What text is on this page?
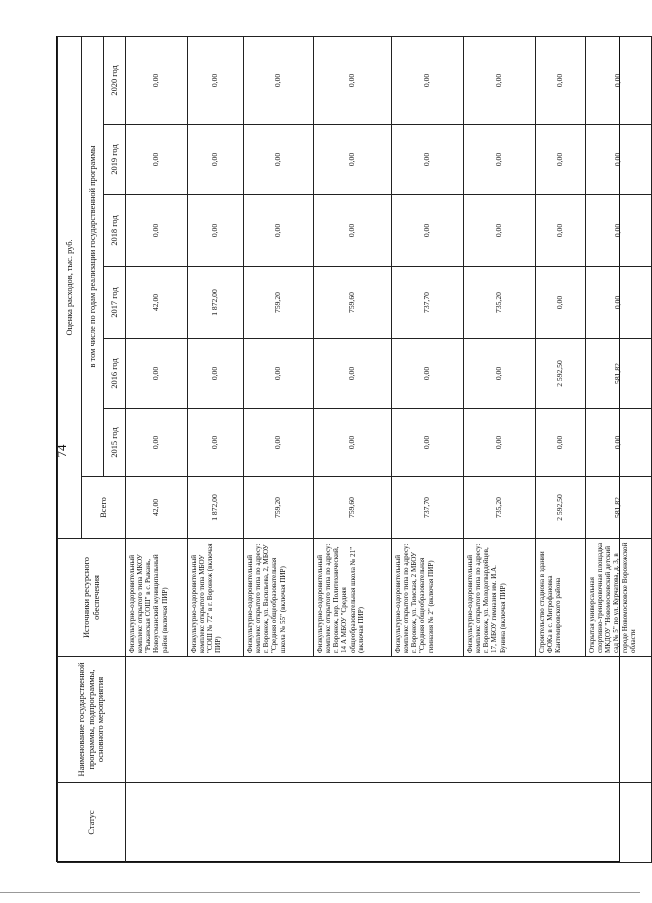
74
Статус	Наименование государственной программы, подпрограммы, основного мероприятия	Источники ресурсного обеспечения	Оценка расходов, тыс. руб.						
			Всего	в том числе по годам реализации государственной программы					
				2015 год	2016 год	2017 год	2018 год	2019 год	2020 год
		Физкультурно-оздоровительный комплекс открытого типа МКОУ "Рыканская СОШ" в с. Рыкань, Новоусманский муниципальный район (включая ПИР)	42,00	0,00	0,00	42,00	0,00	0,00	0,00
		Физкультурно-оздоровительный комплекс открытого типа МБОУ "СОШ № 72" в г. Воронеж (включая ПИР)	1 872,00	0,00	0,00	1 872,00	0,00	0,00	0,00
		Физкультурно-оздоровительный комплекс открытого типа по адресу: г. Воронеж, ул. Васильева, 2, МБОУ "Средняя общеобразовательная школа № 55" (включая ПИР)	759,20	0,00	0,00	759,20	0,00	0,00	0,00
		Физкультурно-оздоровительный комплекс открытого типа по адресу: г. Воронеж, пер. Политехнический, 14 А МБОУ "Средняя общеобразовательная школа № 21" (включая ПИР)	759,60	0,00	0,00	759,60	0,00	0,00	0,00
		Физкультурно-оздоровительный комплекс открытого типа по адресу: г. Воронеж, ул. Тимская, 2 МБОУ "Средняя общеобразовательная гимназия № 2" (включая ПИР)	737,70	0,00	0,00	737,70	0,00	0,00	0,00
		Физкультурно-оздоровительный комплекс открытого типа по адресу: г. Воронеж, ул. Молодогвардейцев, 17, МБОУ гимназия им. И.А. Бунина (включая ПИР)	735,20	0,00	0,00	735,20	0,00	0,00	0,00
		Строительство стадиона в здании ФОКа в с. Митрофановка Кантемировского района	2 592,50	0,00	2 592,50	0,00	0,00	0,00	0,00
		Открытая универсальная спортивно-тренировочная площадка МКДОУ "Новомосковский детский сад № 5" по ул. Курчатова, д. 3, в городе Новомосковске Воронежской области	581,82	0,00	581,82	0,00	0,00	0,00	0,00
